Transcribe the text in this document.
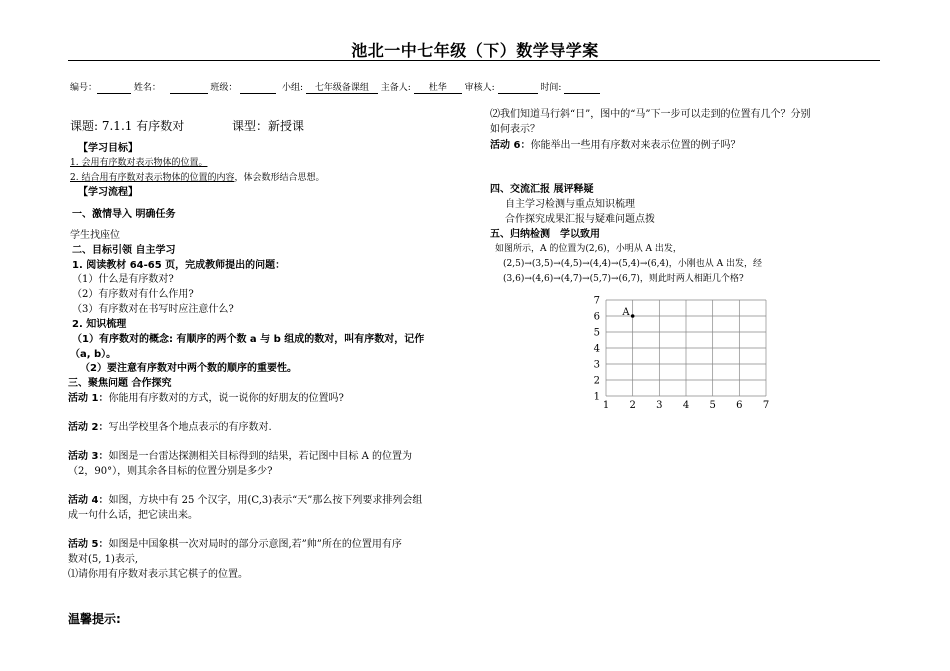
池北一中七年级（下）数学导学案
编号：	姓名：	班级：	小组: 七年级备课组 主备人: 杜华 审核人:	时间:
课题: 7.1.1 有序数对	课型：新授课
【学习目标】
1. 会用有序数对表示物体的位置。
2. 结合用有序数对表示物体的位置的内容，体会数形结合思想。
【学习流程】
一、激情导入 明确任务
学生找座位
二、目标引领 自主学习
1. 阅读教材 64-65 页，完成教师提出的问题：
（1）什么是有序数对?
（2）有序数对有什么作用?
（3）有序数对在书写时应注意什么?
2. 知识梳理
（1）有序数对的概念: 有顺序的两个数 a 与 b 组成的数对，叫有序数对，记作
（a, b）。
（2）要注意有序数对中两个数的顺序的重要性。
三、聚焦问题 合作探究
活动 1：你能用有序数对的方式，说一说你的好朋友的位置吗?
活动 2：写出学校里各个地点表示的有序数对.
活动 3：如图是一台雷达探测相关目标得到的结果，若记图中目标 A 的位置为
（2，90°），则其余各目标的位置分别是多少?
活动 4：如图，方块中有 25 个汉字，用(C,3)表示“天”那么按下列要求排列会组
成一句什么话，把它读出来。
活动 5：如图是中国象棋一次对局时的部分示意图,若”帅”所在的位置用有序
数对(5, 1)表示,
⑴请你用有序数对表示其它棋子的位置。
温馨提示:
⑵我们知道马行斜“日”，图中的“马”下一步可以走到的位置有几个？分别
如何表示？
活动 6：你能举出一些用有序数对来表示位置的例子吗？
四、交流汇报 展评释疑
自主学习检测与重点知识梳理
合作探究成果汇报与疑难问题点拨
五、归纳检测　学以致用
如图所示，A 的位置为(2,6)，小明从 A 出发，
(2,5)→(3,5)→(4,5)→(4,4)→(5,4)→(6,4)，小刚也从 A 出发，经
(3,6)→(4,6)→(4,7)→(5,7)→(6,7)，则此时两人相距几个格?
1 2 3 4 5 6 7
1
2
3
4
5
6
7
A
